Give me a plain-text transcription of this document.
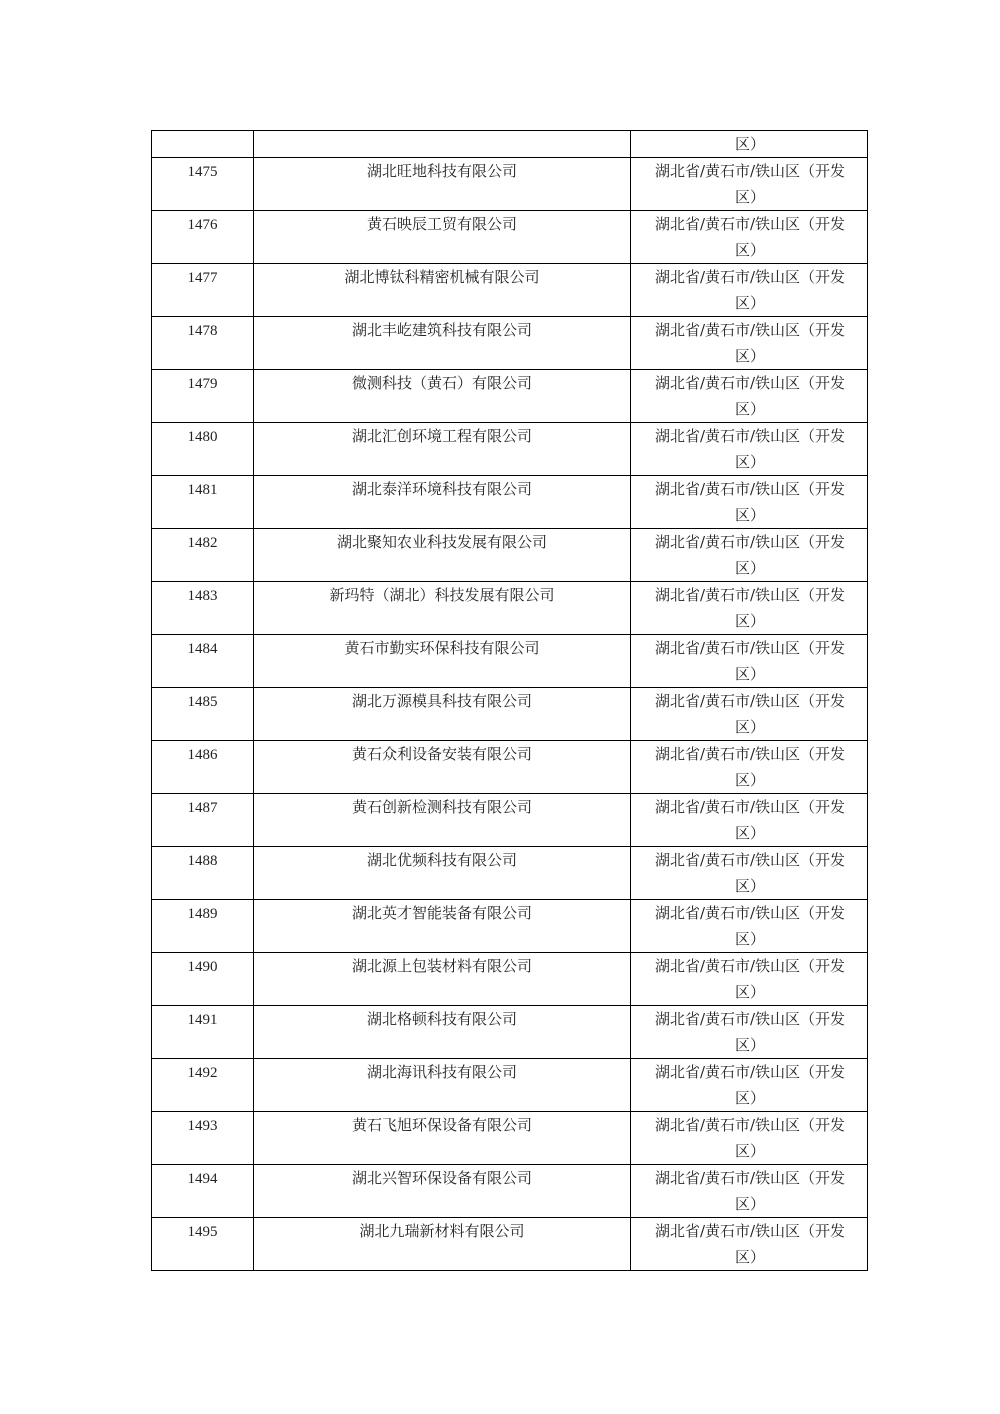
		区）

1475	湖北旺地科技有限公司	湖北省/黄石市/铁山区（开发区）

1476	黄石映辰工贸有限公司	湖北省/黄石市/铁山区（开发区）

1477	湖北博钛科精密机械有限公司	湖北省/黄石市/铁山区（开发区）

1478	湖北丰屹建筑科技有限公司	湖北省/黄石市/铁山区（开发区）

1479	微测科技（黄石）有限公司	湖北省/黄石市/铁山区（开发区）

1480	湖北汇创环境工程有限公司	湖北省/黄石市/铁山区（开发区）

1481	湖北泰洋环境科技有限公司	湖北省/黄石市/铁山区（开发区）

1482	湖北聚知农业科技发展有限公司	湖北省/黄石市/铁山区（开发区）

1483	新玛特（湖北）科技发展有限公司	湖北省/黄石市/铁山区（开发区）

1484	黄石市勤实环保科技有限公司	湖北省/黄石市/铁山区（开发区）

1485	湖北万源模具科技有限公司	湖北省/黄石市/铁山区（开发区）

1486	黄石众利设备安装有限公司	湖北省/黄石市/铁山区（开发区）

1487	黄石创新检测科技有限公司	湖北省/黄石市/铁山区（开发区）

1488	湖北优频科技有限公司	湖北省/黄石市/铁山区（开发区）

1489	湖北英才智能装备有限公司	湖北省/黄石市/铁山区（开发区）

1490	湖北源上包装材料有限公司	湖北省/黄石市/铁山区（开发区）

1491	湖北格顿科技有限公司	湖北省/黄石市/铁山区（开发区）

1492	湖北海讯科技有限公司	湖北省/黄石市/铁山区（开发区）

1493	黄石飞旭环保设备有限公司	湖北省/黄石市/铁山区（开发区）

1494	湖北兴智环保设备有限公司	湖北省/黄石市/铁山区（开发区）

1495	湖北九瑞新材料有限公司	湖北省/黄石市/铁山区（开发区）
